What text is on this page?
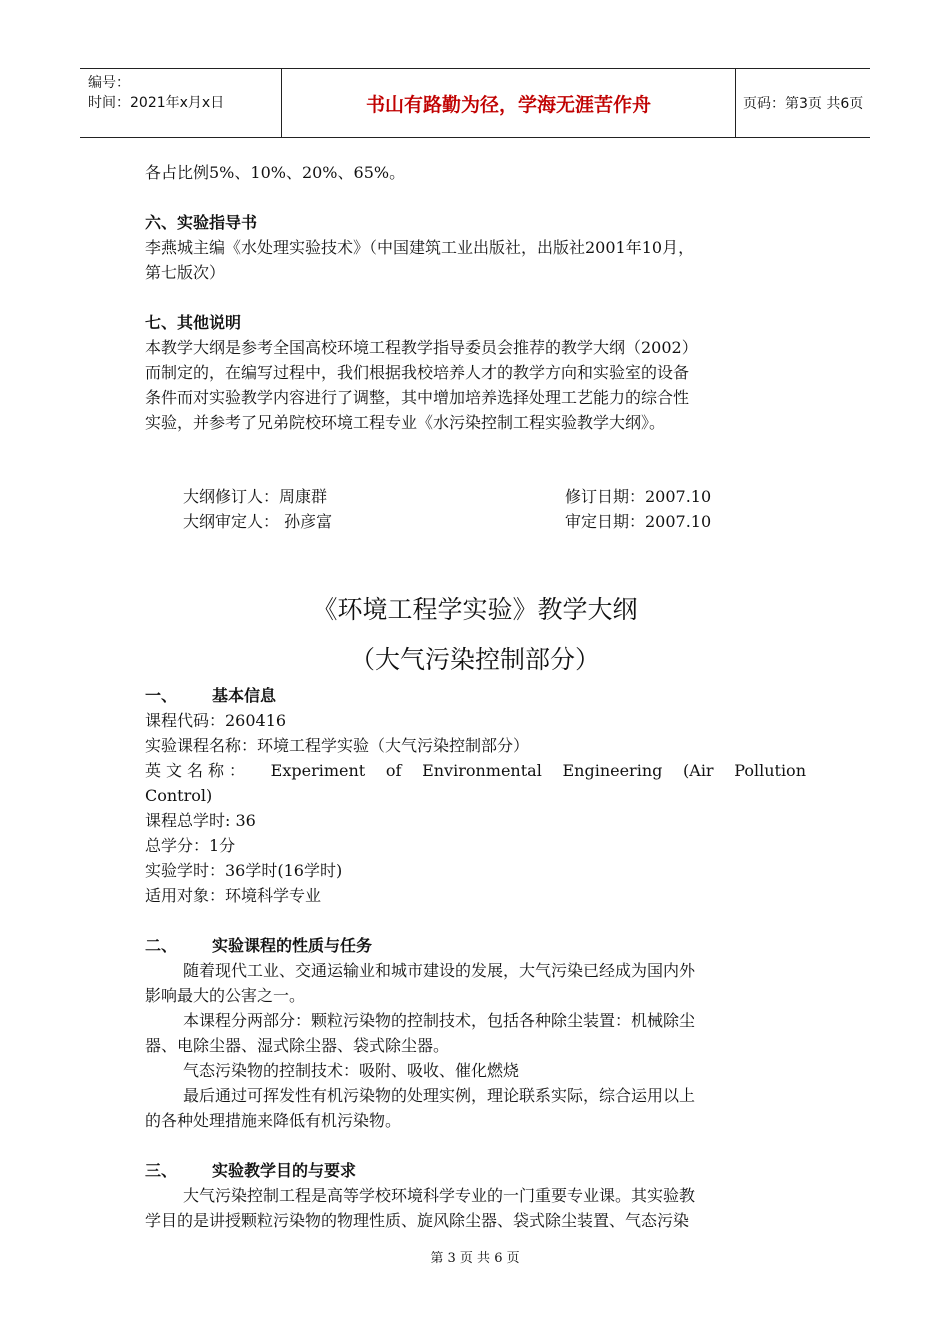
编号：
时间：2021年x月x日	书山有路勤为径，学海无涯苦作舟	页码：第3页 共6页
各占比例5%、10%、20%、65%。
六、实验指导书
李燕城主编《水处理实验技术》（中国建筑工业出版社，出版社2001年10月，
第七版次）
七、其他说明
本教学大纲是参考全国高校环境工程教学指导委员会推荐的教学大纲（2002）
而制定的，在编写过程中，我们根据我校培养人才的教学方向和实验室的设备
条件而对实验教学内容进行了调整，其中增加培养选择处理工艺能力的综合性
实验，并参考了兄弟院校环境工程专业《水污染控制工程实验教学大纲》。
大纲修订人：周康群	修订日期：2007.10
大纲审定人： 孙彦富	审定日期：2007.10
《环境工程学实验》教学大纲
（大气污染控制部分）
一、 基本信息
课程代码：260416
实验课程名称：环境工程学实验（大气污染控制部分）
英文名称： Experiment of Environmental Engineering (Air Pollution
Control)
课程总学时: 36
总学分：1分
实验学时：36学时(16学时)
适用对象：环境科学专业
二、 实验课程的性质与任务
随着现代工业、交通运输业和城市建设的发展，大气污染已经成为国内外
影响最大的公害之一。
本课程分两部分：颗粒污染物的控制技术，包括各种除尘装置：机械除尘
器、电除尘器、湿式除尘器、袋式除尘器。
气态污染物的控制技术：吸附、吸收、催化燃烧
最后通过可挥发性有机污染物的处理实例，理论联系实际，综合运用以上
的各种处理措施来降低有机污染物。
三、 实验教学目的与要求
大气污染控制工程是高等学校环境科学专业的一门重要专业课。其实验教
学目的是讲授颗粒污染物的物理性质、旋风除尘器、袋式除尘装置、气态污染
第 3 页 共 6 页
